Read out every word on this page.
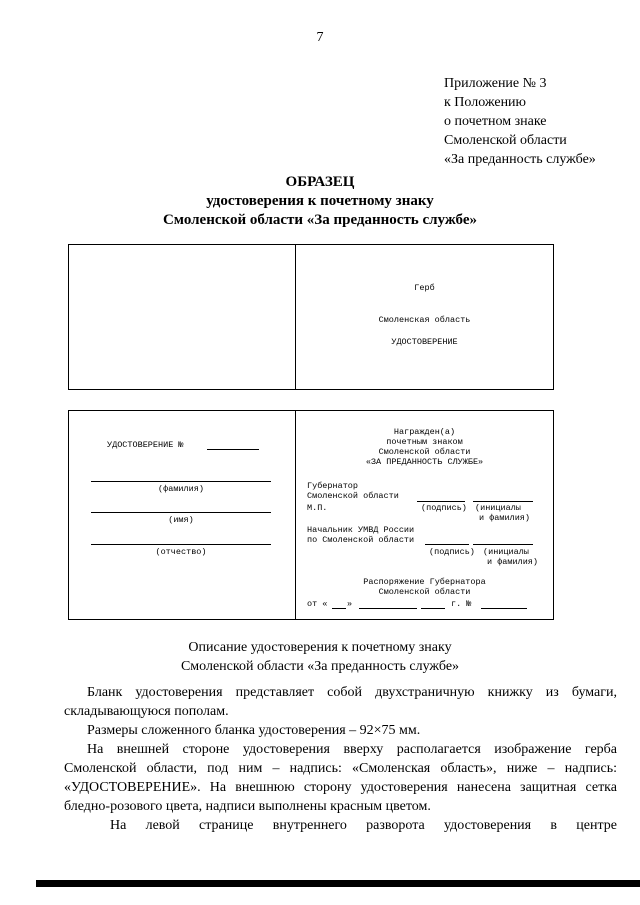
7
Приложение № 3
к Положению
о почетном знаке
Смоленской области
«За преданность службе»
ОБРАЗЕЦ
удостоверения к почетному знаку
Смоленской области «За преданность службе»
Герб
Смоленская область
УДОСТОВЕРЕНИЕ
УДОСТОВЕРЕНИЕ №
(фамилия)
(имя)
(отчество)
Награжден(а)
почетным знаком
Смоленской области
«ЗА ПРЕДАННОСТЬ СЛУЖБЕ»
Губернатор
Смоленской области
М.П.	(подпись) (инициалы
и фамилия)
Начальник УМВД России
по Смоленской области
(подпись) (инициалы
и фамилия)
Распоряжение Губернатора
Смоленской области
от « »	г. №
Описание удостоверения к почетному знаку
Смоленской области «За преданность службе»

Бланк удостоверения представляет собой двухстраничную книжку из бумаги, складывающуюся пополам.

Размеры сложенного бланка удостоверения – 92×75 мм.

На внешней стороне удостоверения вверху располагается изображение герба Смоленской области, под ним – надпись: «Смоленская область», ниже – надпись: «УДОСТОВЕРЕНИЕ». На внешнюю сторону удостоверения нанесена защитная сетка бледно-розового цвета, надписи выполнены красным цветом.

На левой странице внутреннего разворота удостоверения в центре
